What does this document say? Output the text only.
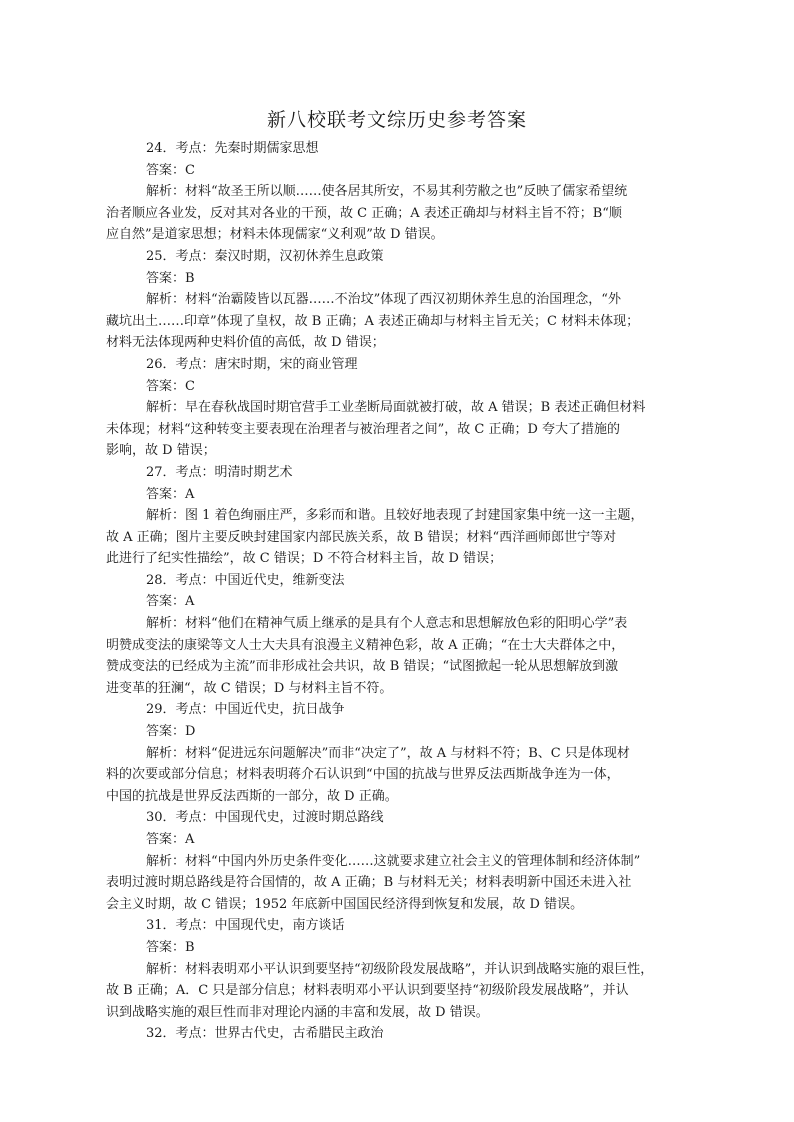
新八校联考文综历史参考答案

24．考点：先秦时期儒家思想

答案：C

解析：材料“故圣王所以顺……使各居其所安，不易其利劳敝之也”反映了儒家希望统
治者顺应各业发，反对其对各业的干预，故 C 正确；A 表述正确却与材料主旨不符；B“顺
应自然”是道家思想；材料未体现儒家“义利观”故 D 错误。

25．考点：秦汉时期，汉初休养生息政策

答案：B

解析：材料“治霸陵皆以瓦器……不治坟”体现了西汉初期休养生息的治国理念，“外
藏坑出土……印章”体现了皇权，故 B 正确；A 表述正确却与材料主旨无关；C 材料未体现；
材料无法体现两种史料价值的高低，故 D 错误；

26．考点：唐宋时期，宋的商业管理

答案：C

解析：早在春秋战国时期官营手工业垄断局面就被打破，故 A 错误；B 表述正确但材料
未体现；材料“这种转变主要表现在治理者与被治理者之间”，故 C 正确；D 夸大了措施的
影响，故 D 错误；

27．考点：明清时期艺术

答案：A

解析：图 1 着色绚丽庄严，多彩而和谐。且较好地表现了封建国家集中统一这一主题，
故 A 正确；图片主要反映封建国家内部民族关系，故 B 错误；材料“西洋画师郎世宁等对
此进行了纪实性描绘”，故 C 错误；D 不符合材料主旨，故 D 错误；

28．考点：中国近代史，维新变法

答案：A

解析：材料“他们在精神气质上继承的是具有个人意志和思想解放色彩的阳明心学”表
明赞成变法的康梁等文人士大夫具有浪漫主义精神色彩，故 A 正确；“在士大夫群体之中，
赞成变法的已经成为主流”而非形成社会共识，故 B 错误；“试图掀起一轮从思想解放到激
进变革的狂澜“，故 C 错误；D 与材料主旨不符。

29．考点：中国近代史，抗日战争

答案：D

解析：材料“促进远东问题解决”而非“决定了”，故 A 与材料不符；B、C 只是体现材
料的次要或部分信息；材料表明蒋介石认识到“中国的抗战与世界反法西斯战争连为一体，
中国的抗战是世界反法西斯的一部分，故 D 正确。

30．考点：中国现代史，过渡时期总路线

答案：A

解析：材料“中国内外历史条件变化……这就要求建立社会主义的管理体制和经济体制”
表明过渡时期总路线是符合国情的，故 A 正确；B 与材料无关；材料表明新中国还未进入社
会主义时期，故 C 错误；1952 年底新中国国民经济得到恢复和发展，故 D 错误。

31．考点：中国现代史，南方谈话

答案：B

解析：材料表明邓小平认识到要坚持“初级阶段发展战略”，并认识到战略实施的艰巨性，
故 B 正确；A．C 只是部分信息；材料表明邓小平认识到要坚持“初级阶段发展战略”，并认
识到战略实施的艰巨性而非对理论内涵的丰富和发展，故 D 错误。

32．考点：世界古代史，古希腊民主政治
